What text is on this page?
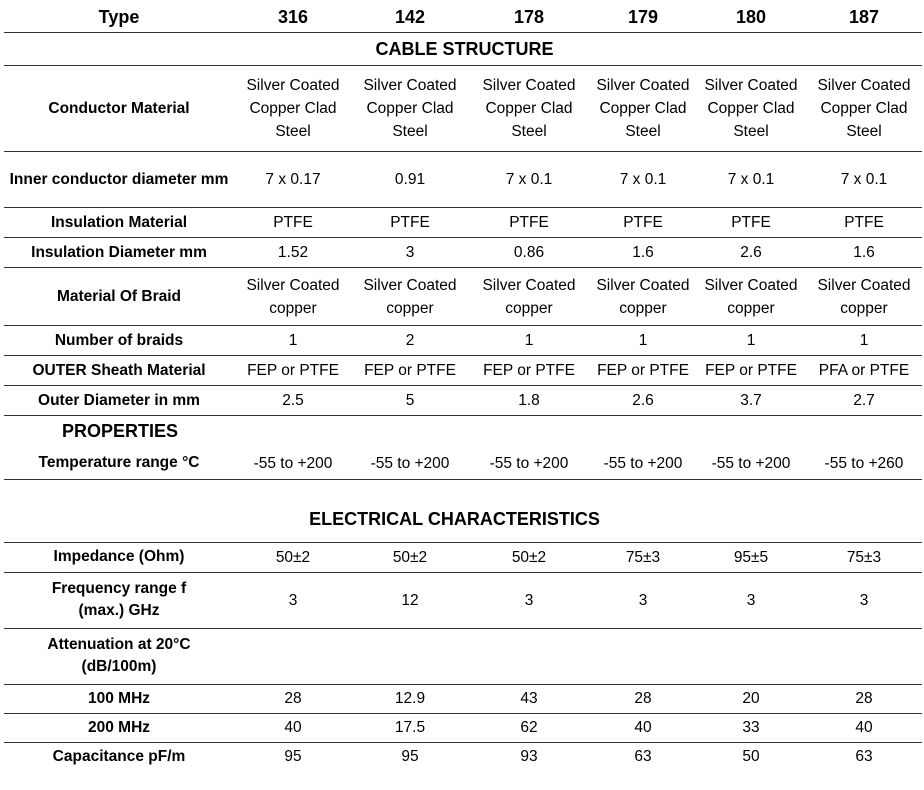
Type	316	142	178	179	180	187
CABLE STRUCTURE						
Conductor Material	Silver Coated Copper Clad Steel	Silver Coated Copper Clad Steel	Silver Coated Copper Clad Steel	Silver Coated Copper Clad Steel	Silver Coated Copper Clad Steel	Silver Coated Copper Clad Steel
Inner conductor diameter mm	7 x 0.17	0.91	7 x 0.1	7 x 0.1	7 x 0.1	7 x 0.1
Insulation Material	PTFE	PTFE	PTFE	PTFE	PTFE	PTFE
Insulation Diameter mm	1.52	3	0.86	1.6	2.6	1.6
Material Of Braid	Silver Coated copper	Silver Coated copper	Silver Coated copper	Silver Coated copper	Silver Coated copper	Silver Coated copper
Number of braids	1	2	1	1	1	1
OUTER Sheath Material	FEP or PTFE	FEP or PTFE	FEP or PTFE	FEP or PTFE	FEP or PTFE	PFA or PTFE
Outer Diameter in mm	2.5	5	1.8	2.6	3.7	2.7
PROPERTIES						
Temperature range °C	-55 to +200	-55 to +200	-55 to +200	-55 to +200	-55 to +200	-55 to +260

ELECTRICAL CHARACTERISTICS						
Impedance (Ohm)	50±2	50±2	50±2	75±3	95±5	75±3
Frequency range f (max.) GHz	3	12	3	3	3	3
Attenuation at 20°C (dB/100m)						
100 MHz	28	12.9	43	28	20	28
200 MHz	40	17.5	62	40	33	40
Capacitance pF/m	95	95	93	63	50	63
